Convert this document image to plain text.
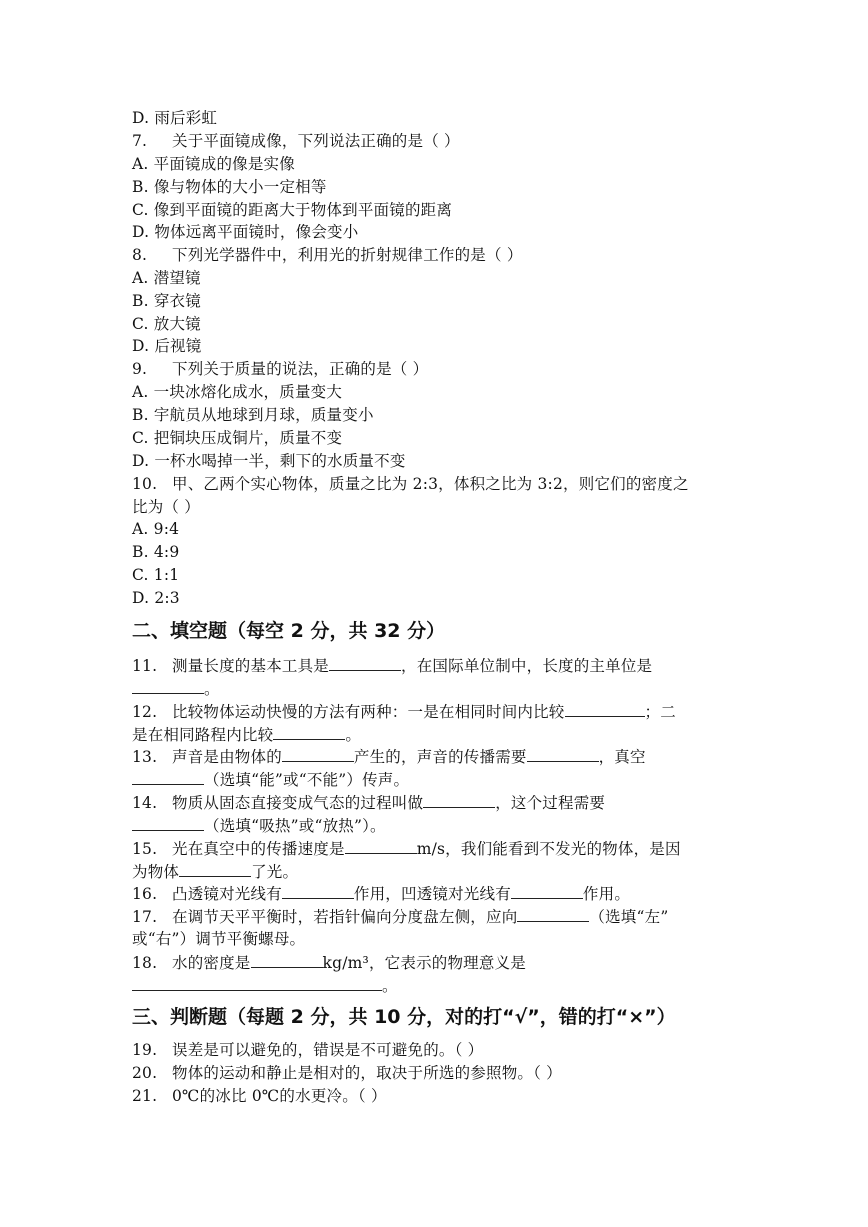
D. 雨后彩虹
7. 关于平面镜成像，下列说法正确的是（ ）
A. 平面镜成的像是实像
B. 像与物体的大小一定相等
C. 像到平面镜的距离大于物体到平面镜的距离
D. 物体远离平面镜时，像会变小
8. 下列光学器件中，利用光的折射规律工作的是（ ）
A. 潜望镜
B. 穿衣镜
C. 放大镜
D. 后视镜
9. 下列关于质量的说法，正确的是（ ）
A. 一块冰熔化成水，质量变大
B. 宇航员从地球到月球，质量变小
C. 把铜块压成铜片，质量不变
D. 一杯水喝掉一半，剩下的水质量不变
10. 甲、乙两个实心物体，质量之比为 2:3，体积之比为 3:2，则它们的密度之
比为（ ）
A. 9:4
B. 4:9
C. 1:1
D. 2:3
二、填空题（每空 2 分，共 32 分）
11. 测量长度的基本工具是	，在国际单位制中，长度的主单位是
。
12. 比较物体运动快慢的方法有两种：一是在相同时间内比较	；二
是在相同路程内比较	。
13. 声音是由物体的	产生的，声音的传播需要	，真空
（选填“能”或“不能”）传声。
14. 物质从固态直接变成气态的过程叫做	，这个过程需要
（选填“吸热”或“放热”）。
15. 光在真空中的传播速度是	m/s，我们能看到不发光的物体，是因
为物体	了光。
16. 凸透镜对光线有	作用，凹透镜对光线有	作用。
17. 在调节天平平衡时，若指针偏向分度盘左侧，应向	（选填“左”
或“右”）调节平衡螺母。
18. 水的密度是	kg/m³，它表示的物理意义是
。
三、判断题（每题 2 分，共 10 分，对的打“√”，错的打“×”）
19. 误差是可以避免的，错误是不可避免的。（ ）
20. 物体的运动和静止是相对的，取决于所选的参照物。（ ）
21. 0℃的冰比 0℃的水更冷。（ ）
